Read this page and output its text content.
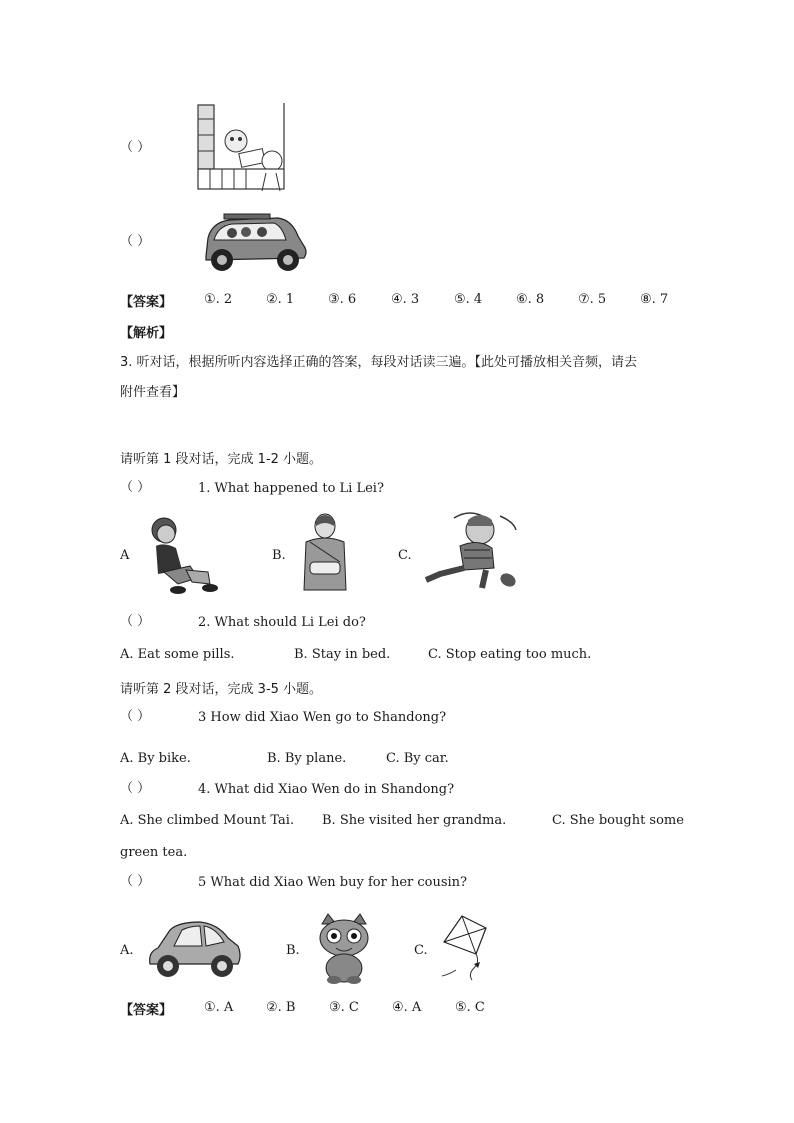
（ ）
（ ）
【答案】 ①. 2	②. 1	③. 6	④. 3	⑤. 4	⑥. 8	⑦. 5	⑧. 7
【解析】
3. 听对话，根据所听内容选择正确的答案，每段对话读三遍。【此处可播放相关音频，请去
附件查看】
请听第 1 段对话，完成 1-2 小题。
（ ）	1. What happened to Li Lei?
A	B.	C.
（ ）	2. What should Li Lei do?
A. Eat some pills.	B. Stay in bed.	C. Stop eating too much.
请听第 2 段对话，完成 3-5 小题。
（ ）	3 How did Xiao Wen go to Shandong?
A. By bike.	B. By plane.	C. By car.
（ ）	4. What did Xiao Wen do in Shandong?
A. She climbed Mount Tai. B. She visited her grandma.	C. She bought some
green tea.
（ ）	5 What did Xiao Wen buy for her cousin?
A.	B.	C.
【答案】 ①. A	②. B	③. C	④. A	⑤. C
